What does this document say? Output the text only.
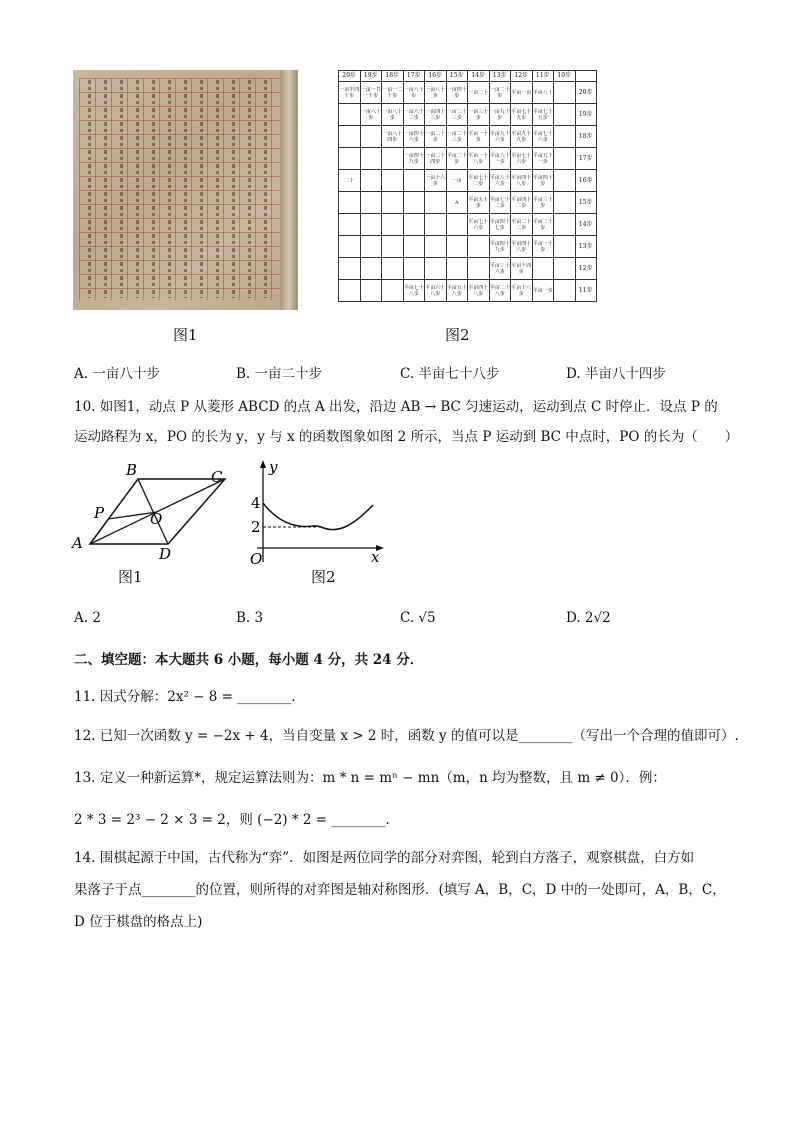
图1
20步	19步	18步	17步	16步	15步	14步	13步	12步	11步	10步	
一亩半四十步	一亩一廿一十步	一亩一二十步	一亩八十步	一亩八十步	一亩四十步	一亩二十	一亩二十步	平亩一亩	平亩八十		20步
	一亩六十步	一亩八十步	一亩六十三步	一亩四十三步	一亩二十三步	一亩三十步	一亩九十步	平亩七十九步	平亩七十五步		19步
		一亩八十四步	一亩四十六步	一亩二十步	一亩二十三步	平亩一十步	平亩九十六步	平亩九十九步	平亩七十六步		18步
			一亩四十九步	一亩二十四步	平亩二十步	平亩一十八步	平亩八十一步	平亩七十六步	平亩五十一步		17步
二十				一亩十六步	一亩	平亩七十二步	平亩八十六步	平亩四十八步	平亩四十步		16步
					A	平亩五十步	平亩七十二步	平亩四十二步	平亩三十步		15步
						平亩七十六步	平亩四十七步	平亩二十二步	平亩二十步		14步
							平亩四十九步	平亩四十八步	平亩一十步		13步
							平亩三十六步	平亩十四步			12步
			平亩七十八步	平亩六十八步	平亩五十八步	平亩四十八步	平亩二十八步	平亩十八步	平亩一步		11步
图2
A. 一亩八十步	B. 一亩二十步	C. 半亩七十八步	D. 半亩八十四步
10. 如图1，动点 P 从菱形 ABCD 的点 A 出发，沿边 AB → BC 匀速运动，运动到点 C 时停止．设点 P 的
运动路程为 x，PO 的长为 y，y 与 x 的函数图象如图 2 所示，当点 P 运动到 BC 中点时，PO 的长为（　　）
B	C
P	O
A
D
图1
y
x
O
4
2
图2
A. 2	B. 3	C. √5	D. 2√2
二、填空题：本大题共 6 小题，每小题 4 分，共 24 分．
11. 因式分解：2x² − 8 = ________.
12. 已知一次函数 y = −2x + 4，当自变量 x > 2 时，函数 y 的值可以是________（写出一个合理的值即可）.
13. 定义一种新运算*，规定运算法则为：m * n = mⁿ − mn（m，n 均为整数，且 m ≠ 0）．例：
2 * 3 = 2³ − 2 × 3 = 2，则 (−2) * 2 = ________.
14. 围棋起源于中国，古代称为“弈”．如图是两位同学的部分对弈图，轮到白方落子，观察棋盘，白方如
果落子于点________的位置，则所得的对弈图是轴对称图形．(填写 A，B，C，D 中的一处即可，A，B，C，
D 位于棋盘的格点上)
